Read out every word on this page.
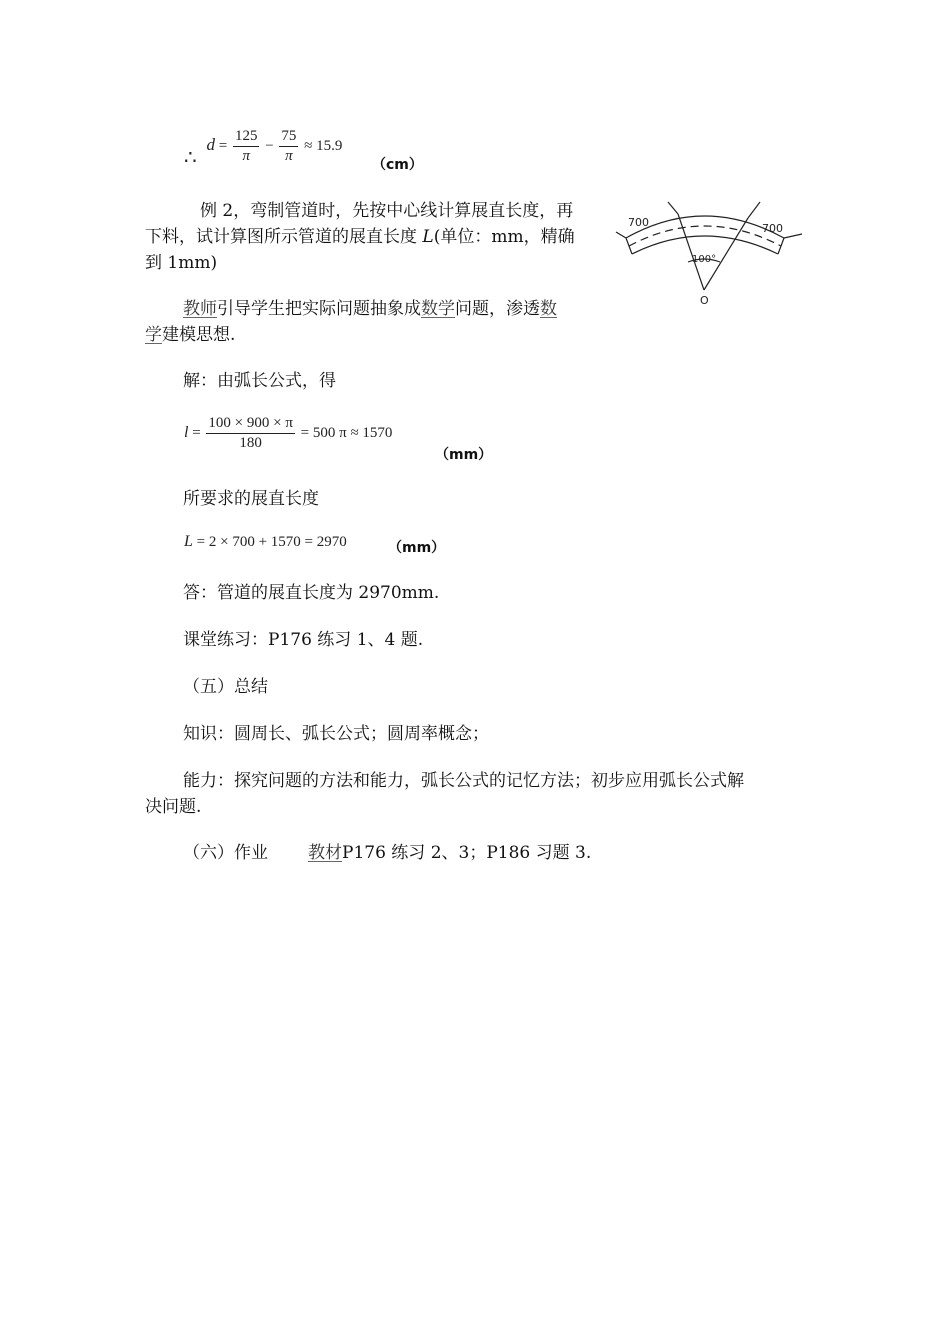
∴ $d = \frac{125}{\pi} - \frac{75}{\pi} \approx 15.9$
（cm）
例 2，弯制管道时，先按中心线计算展直长度，再
下料，试计算图所示管道的展直长度 L(单位：mm，精确
到 1mm)
700	700
100°
O
教师引导学生把实际问题抽象成数学问题，渗透数
学建模思想.
解：由弧长公式，得
$l = \frac{100 \times 900 \times \pi}{180} = 500$ π ≈ 1570
（mm）
所要求的展直长度
L = 2 × 700 + 1570 = 2970	（mm）
答：管道的展直长度为 2970mm.
课堂练习：P176 练习 1、4 题.
（五）总结
知识：圆周长、弧长公式；圆周率概念；
能力：探究问题的方法和能力，弧长公式的记忆方法；初步应用弧长公式解
决问题.
（六）作业 教材P176 练习 2、3；P186 习题 3.
